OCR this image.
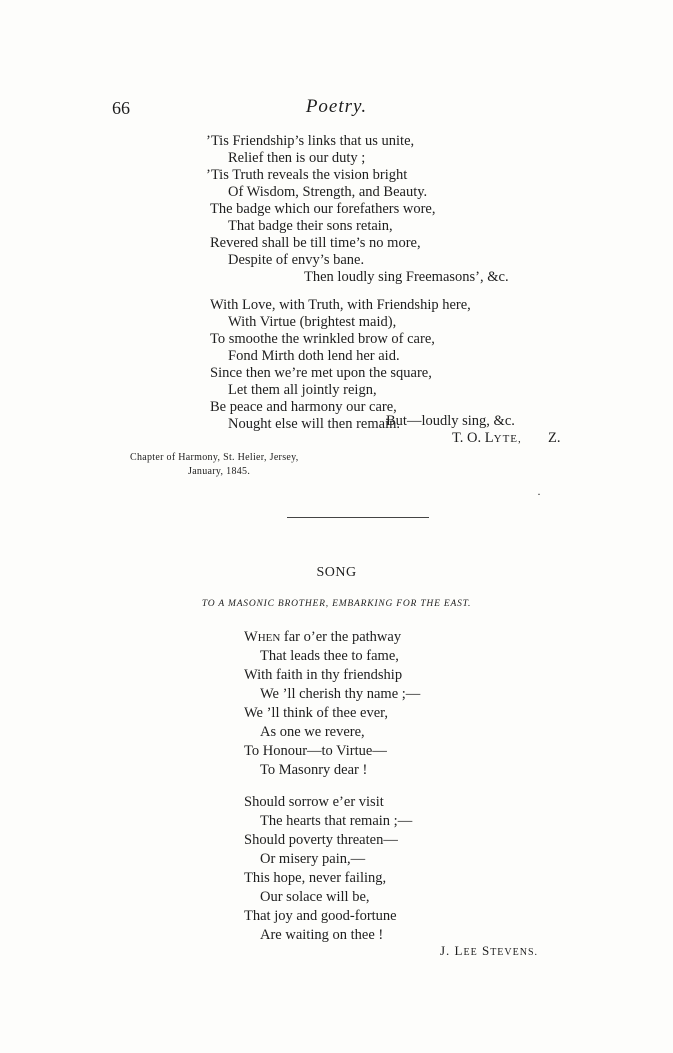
66	Poetry.
’Tis Friendship’s links that us unite,
Relief then is our duty ;
’Tis Truth reveals the vision bright
Of Wisdom, Strength, and Beauty.
The badge which our forefathers wore,
That badge their sons retain,
Revered shall be till time’s no more,
Despite of envy’s bane.
Then loudly sing Freemasons’, &c.
With Love, with Truth, with Friendship here,
With Virtue (brightest maid),
To smoothe the wrinkled brow of care,
Fond Mirth doth lend her aid.
Since then we’re met upon the square,
Let them all jointly reign,
Be peace and harmony our care,
Nought else will then remain.
But—loudly sing, &c.
T. O. LYTE, Z.
Chapter of Harmony, St. Helier, Jersey,
January, 1845.
·
SONG
TO A MASONIC BROTHER, EMBARKING FOR THE EAST.
WHEN far o’er the pathway
That leads thee to fame,
With faith in thy friendship
We ’ll cherish thy name ;—
We ’ll think of thee ever,
As one we revere,
To Honour—to Virtue—
To Masonry dear !
Should sorrow e’er visit
The hearts that remain ;—
Should poverty threaten—
Or misery pain,—
This hope, never failing,
Our solace will be,
That joy and good-fortune
Are waiting on thee !
J. LEE STEVENS.
